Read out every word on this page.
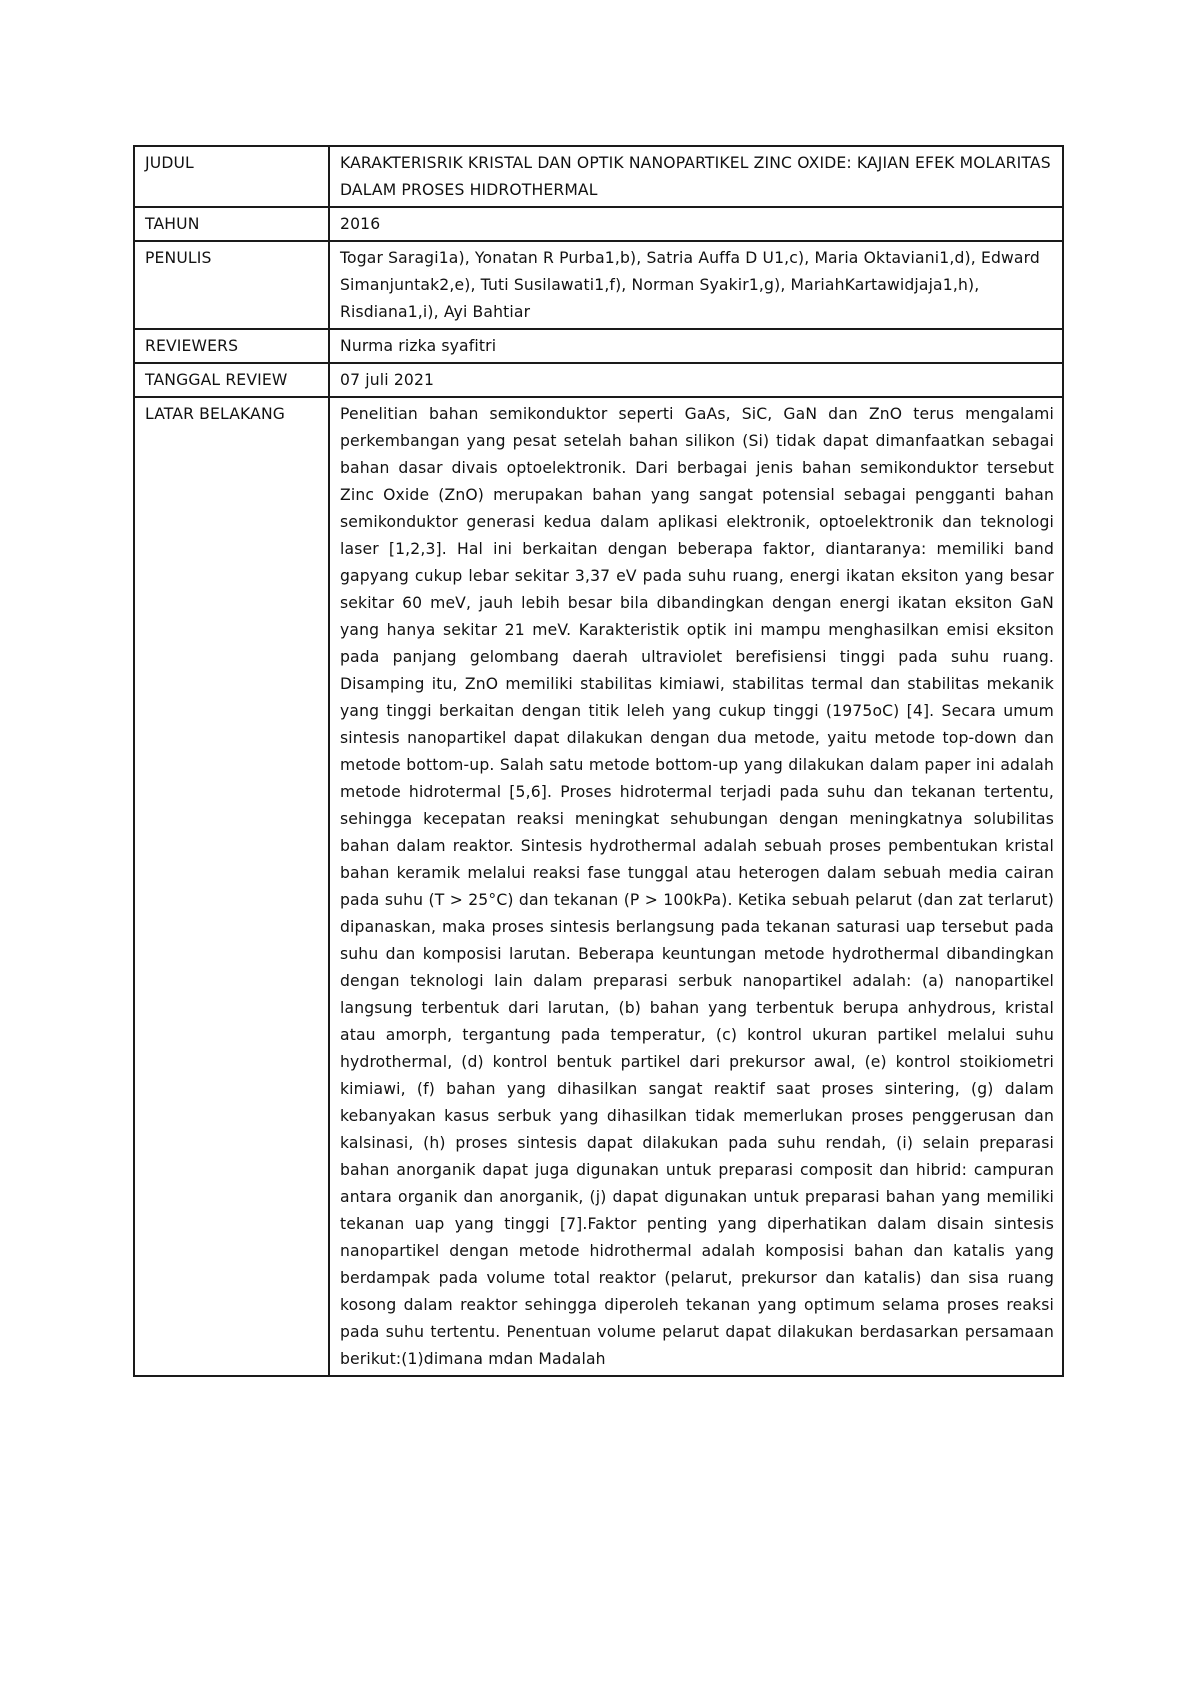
JUDUL	KARAKTERISRIK KRISTAL DAN OPTIK NANOPARTIKEL ZINC OXIDE: KAJIAN EFEK MOLARITAS DALAM PROSES HIDROTHERMAL
TAHUN	2016
PENULIS	Togar Saragi1a), Yonatan R Purba1,b), Satria Auffa D U1,c), Maria Oktaviani1,d), Edward Simanjuntak2,e), Tuti Susilawati1,f), Norman Syakir1,g), MariahKartawidjaja1,h), Risdiana1,i), Ayi Bahtiar
REVIEWERS	Nurma rizka syafitri
TANGGAL REVIEW	07 juli 2021
LATAR BELAKANG	Penelitian bahan semikonduktor seperti GaAs, SiC, GaN dan ZnO terus mengalami perkembangan yang pesat setelah bahan silikon (Si) tidak dapat dimanfaatkan sebagai bahan dasar divais optoelektronik. Dari berbagai jenis bahan semikonduktor tersebut Zinc Oxide (ZnO) merupakan bahan yang sangat potensial sebagai pengganti bahan semikonduktor generasi kedua dalam aplikasi elektronik, optoelektronik dan teknologi laser [1,2,3]. Hal ini berkaitan dengan beberapa faktor, diantaranya: memiliki band gapyang cukup lebar sekitar 3,37 eV pada suhu ruang, energi ikatan eksiton yang besar sekitar 60 meV, jauh lebih besar bila dibandingkan dengan energi ikatan eksiton GaN yang hanya sekitar 21 meV. Karakteristik optik ini mampu menghasilkan emisi eksiton pada panjang gelombang daerah ultraviolet berefisiensi tinggi pada suhu ruang. Disamping itu, ZnO memiliki stabilitas kimiawi, stabilitas termal dan stabilitas mekanik yang tinggi berkaitan dengan titik leleh yang cukup tinggi (1975oC) [4]. Secara umum sintesis nanopartikel dapat dilakukan dengan dua metode, yaitu metode top-down dan metode bottom-up. Salah satu metode bottom-up yang dilakukan dalam paper ini adalah metode hidrotermal [5,6]. Proses hidrotermal terjadi pada suhu dan tekanan tertentu, sehingga kecepatan reaksi meningkat sehubungan dengan meningkatnya solubilitas bahan dalam reaktor. Sintesis hydrothermal adalah sebuah proses pembentukan kristal bahan keramik melalui reaksi fase tunggal atau heterogen dalam sebuah media cairan pada suhu (T > 25°C) dan tekanan (P > 100kPa). Ketika sebuah pelarut (dan zat terlarut) dipanaskan, maka proses sintesis berlangsung pada tekanan saturasi uap tersebut pada suhu dan komposisi larutan. Beberapa keuntungan metode hydrothermal dibandingkan dengan teknologi lain dalam preparasi serbuk nanopartikel adalah: (a) nanopartikel langsung terbentuk dari larutan, (b) bahan yang terbentuk berupa anhydrous, kristal atau amorph, tergantung pada temperatur, (c) kontrol ukuran partikel melalui suhu hydrothermal, (d) kontrol bentuk partikel dari prekursor awal, (e) kontrol stoikiometri kimiawi, (f) bahan yang dihasilkan sangat reaktif saat proses sintering, (g) dalam kebanyakan kasus serbuk yang dihasilkan tidak memerlukan proses penggerusan dan kalsinasi, (h) proses sintesis dapat dilakukan pada suhu rendah, (i) selain preparasi bahan anorganik dapat juga digunakan untuk preparasi composit dan hibrid: campuran antara organik dan anorganik, (j) dapat digunakan untuk preparasi bahan yang memiliki tekanan uap yang tinggi [7].Faktor penting yang diperhatikan dalam disain sintesis nanopartikel dengan metode hidrothermal adalah komposisi bahan dan katalis yang berdampak pada volume total reaktor (pelarut, prekursor dan katalis) dan sisa ruang kosong dalam reaktor sehingga diperoleh tekanan yang optimum selama proses reaksi pada suhu tertentu. Penentuan volume pelarut dapat dilakukan berdasarkan persamaan berikut:(1)dimana mdan Madalah
